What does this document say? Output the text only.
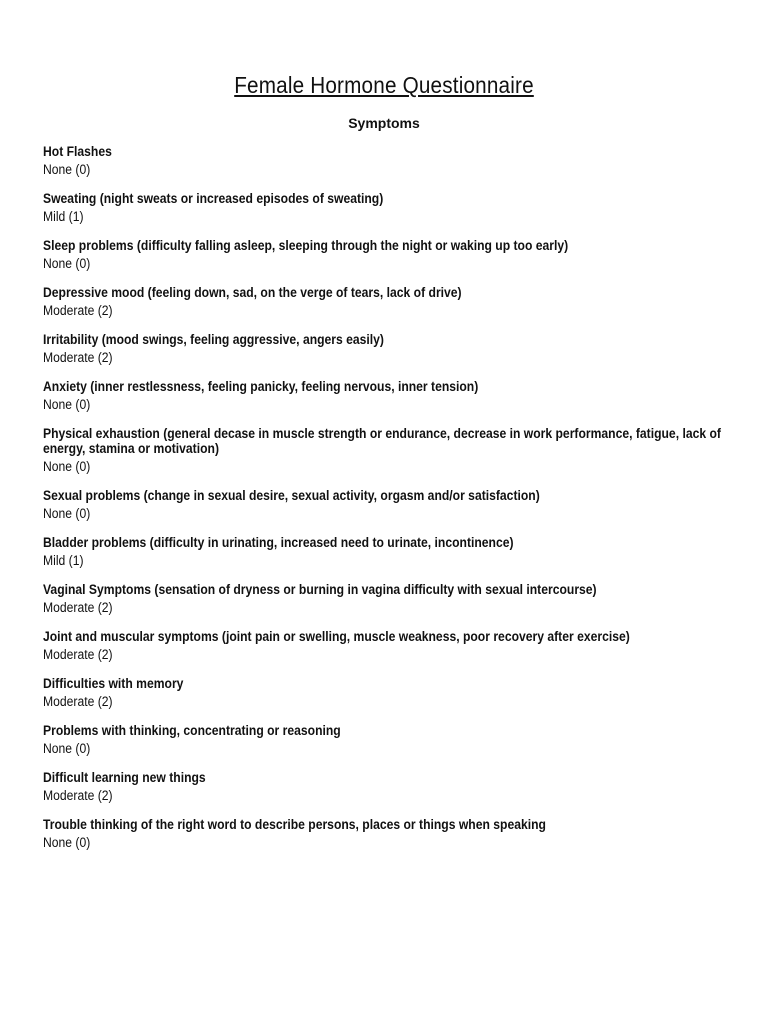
Female Hormone Questionnaire
Symptoms
Hot Flashes
None (0)
Sweating (night sweats or increased episodes of sweating)
Mild (1)
Sleep problems (difficulty falling asleep, sleeping through the night or waking up too early)
None (0)
Depressive mood (feeling down, sad, on the verge of tears, lack of drive)
Moderate (2)
Irritability (mood swings, feeling aggressive, angers easily)
Moderate (2)
Anxiety (inner restlessness, feeling panicky, feeling nervous, inner tension)
None (0)
Physical exhaustion (general decase in muscle strength or endurance, decrease in work performance, fatigue, lack of energy, stamina or motivation)
None (0)
Sexual problems (change in sexual desire, sexual activity, orgasm and/or satisfaction)
None (0)
Bladder problems (difficulty in urinating, increased need to urinate, incontinence)
Mild (1)
Vaginal Symptoms (sensation of dryness or burning in vagina difficulty with sexual intercourse)
Moderate (2)
Joint and muscular symptoms (joint pain or swelling, muscle weakness, poor recovery after exercise)
Moderate (2)
Difficulties with memory
Moderate (2)
Problems with thinking, concentrating or reasoning
None (0)
Difficult learning new things
Moderate (2)
Trouble thinking of the right word to describe persons, places or things when speaking
None (0)
